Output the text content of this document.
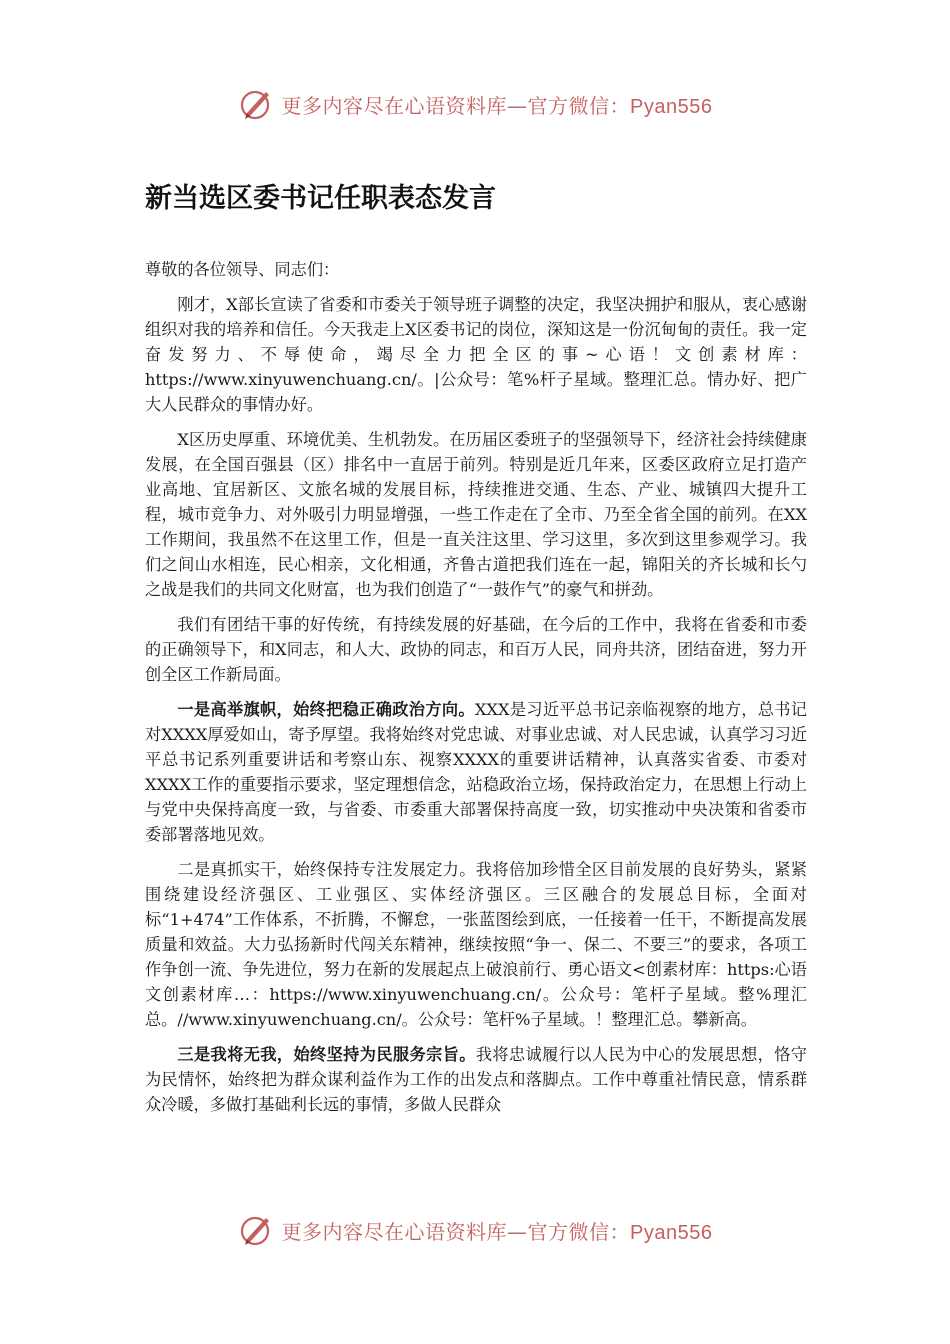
更多内容尽在心语资料库—官方微信：Pyan556
新当选区委书记任职表态发言

尊敬的各位领导、同志们：

刚才，X部长宣读了省委和市委关于领导班子调整的决定，我坚决拥护和服从，衷心感谢组织对我的培养和信任。今天我走上X区委书记的岗位，深知这是一份沉甸甸的责任。我一定奋发努力、不辱使命，竭尽全力把全区的事~心语！文创素材库：https://www.xinyuwenchuang.cn/。|公众号：笔%杆子星域。整理汇总。情办好、把广大人民群众的事情办好。

X区历史厚重、环境优美、生机勃发。在历届区委班子的坚强领导下，经济社会持续健康发展，在全国百强县（区）排名中一直居于前列。特别是近几年来，区委区政府立足打造产业高地、宜居新区、文旅名城的发展目标，持续推进交通、生态、产业、城镇四大提升工程，城市竞争力、对外吸引力明显增强，一些工作走在了全市、乃至全省全国的前列。在XX工作期间，我虽然不在这里工作，但是一直关注这里、学习这里，多次到这里参观学习。我们之间山水相连，民心相亲，文化相通，齐鲁古道把我们连在一起，锦阳关的齐长城和长勺之战是我们的共同文化财富，也为我们创造了“一鼓作气”的豪气和拼劲。

我们有团结干事的好传统，有持续发展的好基础，在今后的工作中，我将在省委和市委的正确领导下，和X同志，和人大、政协的同志，和百万人民，同舟共济，团结奋进，努力开创全区工作新局面。

一是高举旗帜，始终把稳正确政治方向。XXX是习近平总书记亲临视察的地方，总书记对XXXX厚爱如山，寄予厚望。我将始终对党忠诚、对事业忠诚、对人民忠诚，认真学习习近平总书记系列重要讲话和考察山东、视察XXXX的重要讲话精神，认真落实省委、市委对XXXX工作的重要指示要求，坚定理想信念，站稳政治立场，保持政治定力，在思想上行动上与党中央保持高度一致，与省委、市委重大部署保持高度一致，切实推动中央决策和省委市委部署落地见效。

二是真抓实干，始终保持专注发展定力。我将倍加珍惜全区目前发展的良好势头，紧紧围绕建设经济强区、工业强区、实体经济强区。三区融合的发展总目标，全面对标“1+474”工作体系，不折腾，不懈怠，一张蓝图绘到底，一任接着一任干，不断提高发展质量和效益。大力弘扬新时代闯关东精神，继续按照“争一、保二、不要三”的要求，各项工作争创一流、争先进位，努力在新的发展起点上破浪前行、勇心语文<创素材库：https:心语文创素材库…：https://www.xinyuwenchuang.cn/。公众号：笔杆子星域。整%理汇总。//www.xinyuwenchuang.cn/。公众号：笔杆%子星域。！整理汇总。攀新高。

三是我将无我，始终坚持为民服务宗旨。我将忠诚履行以人民为中心的发展思想，恪守为民情怀，始终把为群众谋利益作为工作的出发点和落脚点。工作中尊重社情民意，情系群众冷暖，多做打基础利长远的事情，多做人民群众

更多内容尽在心语资料库—官方微信：Pyan556
